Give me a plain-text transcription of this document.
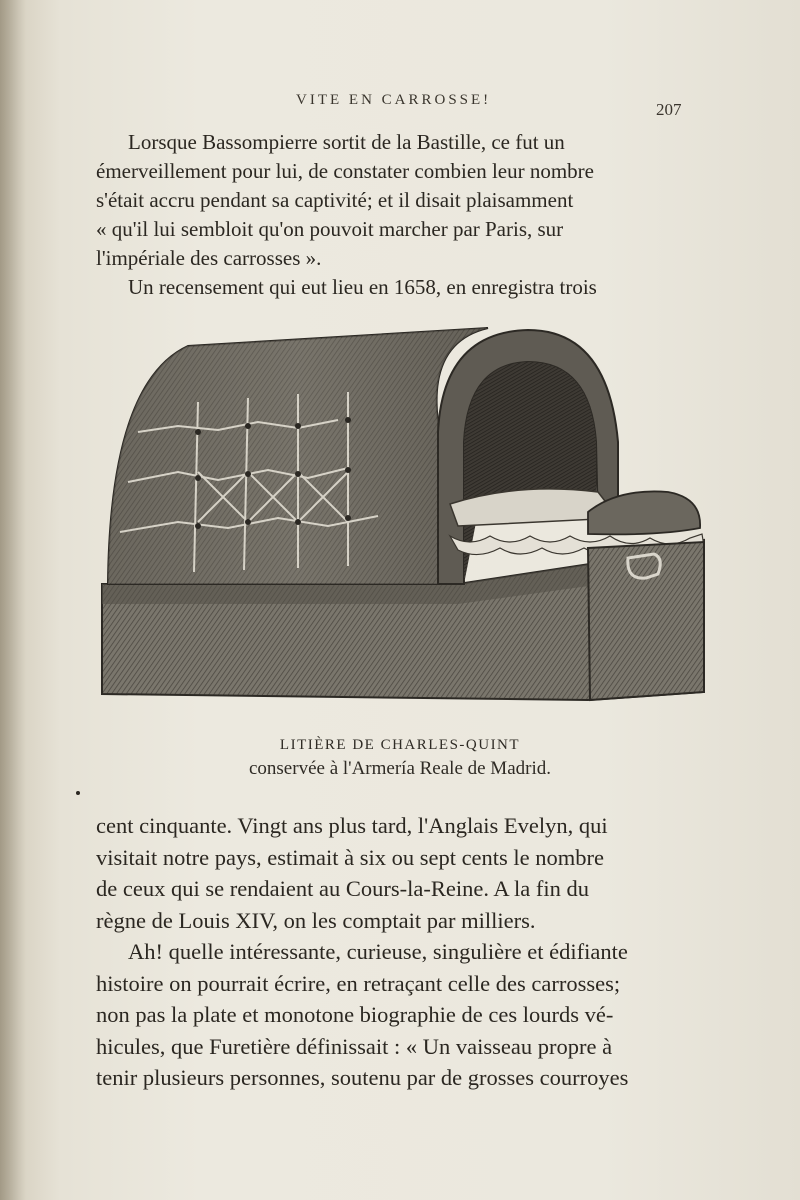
VITE EN CARROSSE!	207
Lorsque Bassompierre sortit de la Bastille, ce fut un
émerveillement pour lui, de constater combien leur nombre
s'était accru pendant sa captivité; et il disait plaisamment
« qu'il lui sembloit qu'on pouvoit marcher par Paris, sur
l'impériale des carrosses ».
Un recensement qui eut lieu en 1658, en enregistra trois
LITIÈRE DE CHARLES-QUINT
conservée à l'Armería Reale de Madrid.
cent cinquante. Vingt ans plus tard, l'Anglais Evelyn, qui
visitait notre pays, estimait à six ou sept cents le nombre
de ceux qui se rendaient au Cours-la-Reine. A la fin du
règne de Louis XIV, on les comptait par milliers.
Ah! quelle intéressante, curieuse, singulière et édifiante
histoire on pourrait écrire, en retraçant celle des carrosses;
non pas la plate et monotone biographie de ces lourds vé-
hicules, que Furetière définissait : « Un vaisseau propre à
tenir plusieurs personnes, soutenu par de grosses courroyes
